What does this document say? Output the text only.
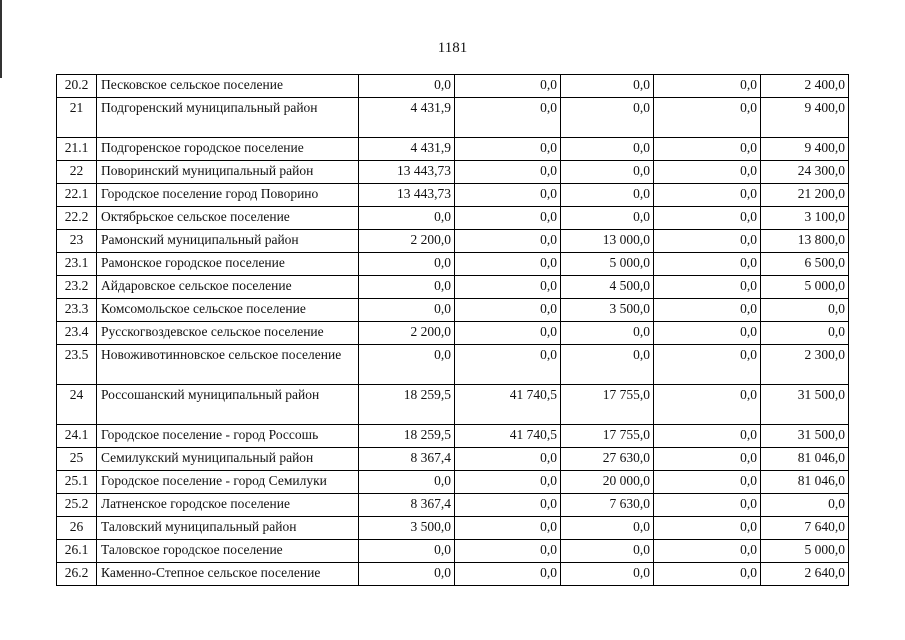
1181
20.2	Песковское сельское поселение	0,0	0,0	0,0	0,0	2 400,0
21	Подгоренский муниципальный район	4 431,9	0,0	0,0	0,0	9 400,0
21.1	Подгоренское городское поселение	4 431,9	0,0	0,0	0,0	9 400,0
22	Поворинский муниципальный район	13 443,73	0,0	0,0	0,0	24 300,0
22.1	Городское поселение город Поворино	13 443,73	0,0	0,0	0,0	21 200,0
22.2	Октябрьское сельское поселение	0,0	0,0	0,0	0,0	3 100,0
23	Рамонский муниципальный район	2 200,0	0,0	13 000,0	0,0	13 800,0
23.1	Рамонское городское поселение	0,0	0,0	5 000,0	0,0	6 500,0
23.2	Айдаровское сельское поселение	0,0	0,0	4 500,0	0,0	5 000,0
23.3	Комсомольское сельское поселение	0,0	0,0	3 500,0	0,0	0,0
23.4	Русскогвоздевское сельское поселение	2 200,0	0,0	0,0	0,0	0,0
23.5	Новоживотинновское сельское поселение	0,0	0,0	0,0	0,0	2 300,0
24	Россошанский муниципальный район	18 259,5	41 740,5	17 755,0	0,0	31 500,0
24.1	Городское поселение - город Россошь	18 259,5	41 740,5	17 755,0	0,0	31 500,0
25	Семилукский муниципальный район	8 367,4	0,0	27 630,0	0,0	81 046,0
25.1	Городское поселение - город Семилуки	0,0	0,0	20 000,0	0,0	81 046,0
25.2	Латненское городское поселение	8 367,4	0,0	7 630,0	0,0	0,0
26	Таловский муниципальный район	3 500,0	0,0	0,0	0,0	7 640,0
26.1	Таловское городское поселение	0,0	0,0	0,0	0,0	5 000,0
26.2	Каменно-Степное сельское поселение	0,0	0,0	0,0	0,0	2 640,0
